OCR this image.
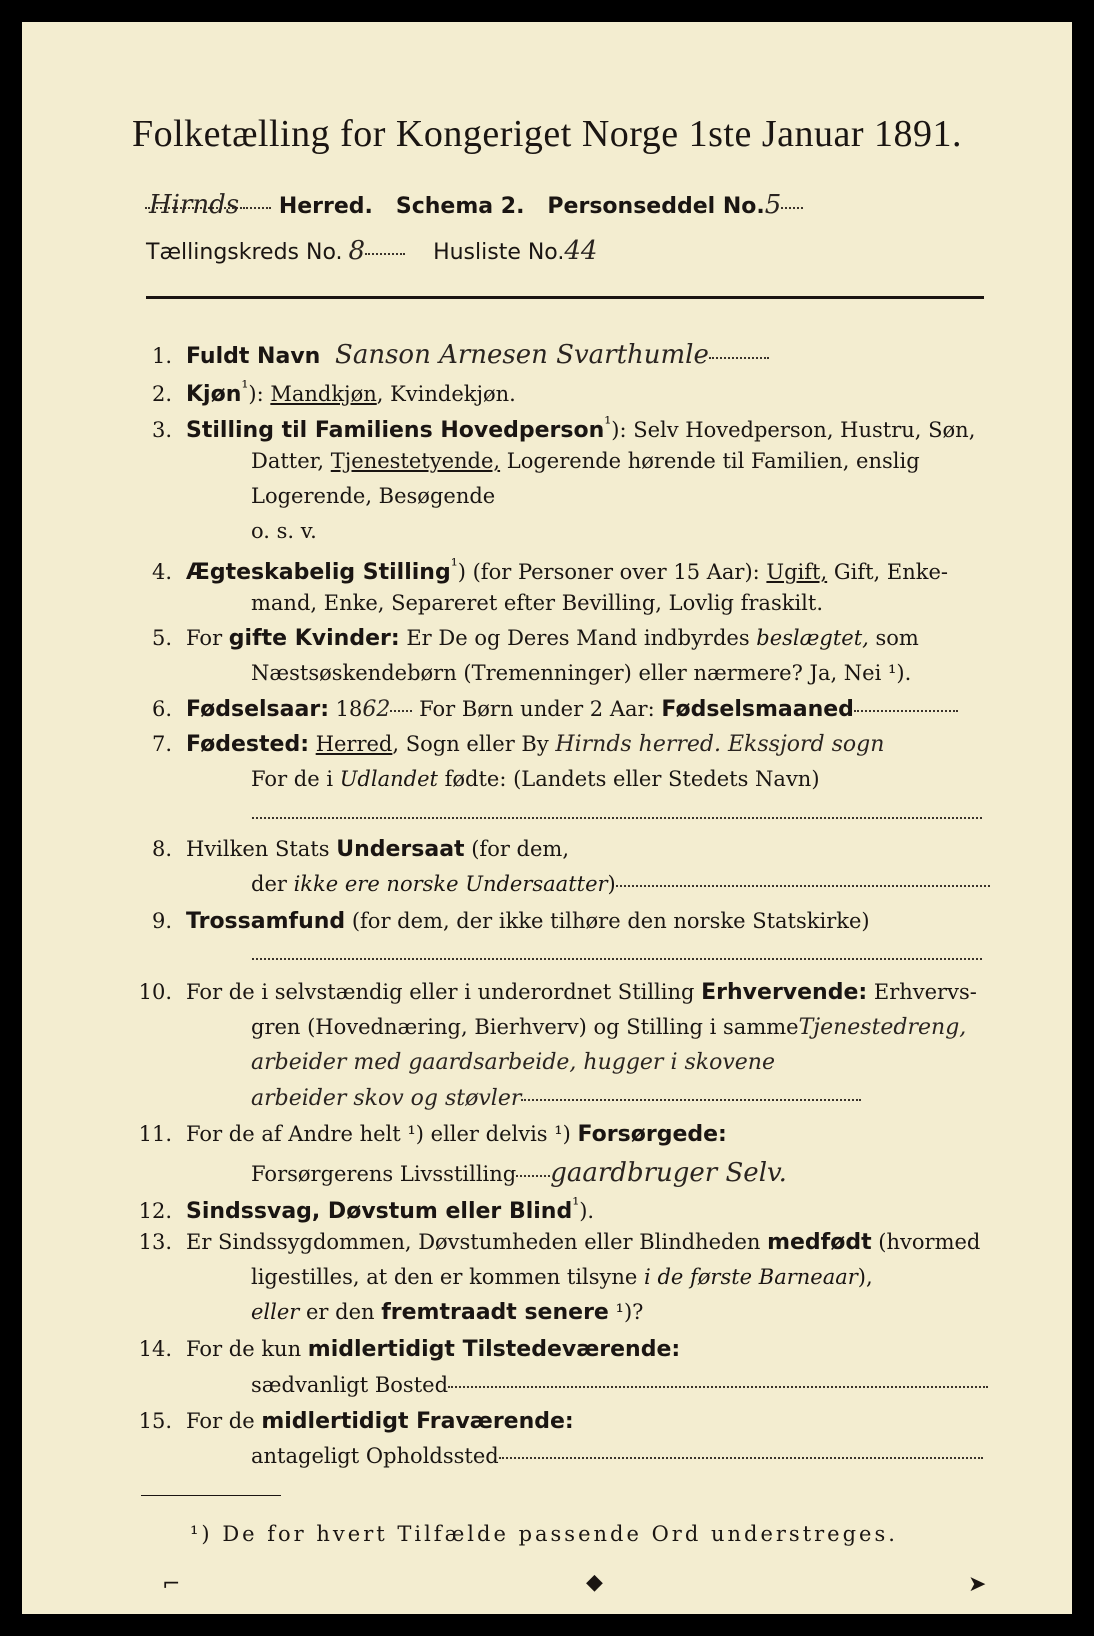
Folketælling for Kongeriget Norge 1ste Januar 1891.
Hirnds Herred. Schema 2. Personseddel No.5
Tællingskreds No. 8	Husliste No.44
1. Fuldt Navn Sanson Arnesen Svarthumle
2. Kjøn$^{^1}$): Mandkjøn, Kvindekjøn.
3. Stilling til Familiens Hovedperson$^{^1}$): Selv Hovedperson, Hustru, Søn,
Datter, Tjenestetyende, Logerende hørende til Familien, enslig
Logerende, Besøgende
o. s. v.
4. Ægteskabelig Stilling$^{^1}$) (for Personer over 15 Aar): Ugift, Gift, Enke-
mand, Enke, Separeret efter Bevilling, Lovlig fraskilt.
5. For gifte Kvinder: Er De og Deres Mand indbyrdes beslægtet, som
Næstsøskendebørn (Tremenninger) eller nærmere? Ja, Nei ¹).
6. Fødselsaar: 1862 For Børn under 2 Aar: Fødselsmaaned
7. Fødested: Herred, Sogn eller By Hirnds herred. Ekssjord sogn
For de i Udlandet fødte: (Landets eller Stedets Navn)
8. Hvilken Stats Undersaat (for dem,
der ikke ere norske Undersaatter)
9. Trossamfund (for dem, der ikke tilhøre den norske Statskirke)
10. For de i selvstændig eller i underordnet Stilling Erhvervende: Erhvervs-
gren (Hovednæring, Bierhverv) og Stilling i sammeTjenestedreng,
arbeider med gaardsarbeide, hugger i skovene
arbeider skov og støvler
11. For de af Andre helt ¹) eller delvis ¹) Forsørgede:
Forsørgerens Livsstilling gaardbruger Selv.
12. Sindssvag, Døvstum eller Blind$^{^1}$).
13. Er Sindssygdommen, Døvstumheden eller Blindheden medfødt (hvormed
ligestilles, at den er kommen tilsyne i de første Barneaar),
eller er den fremtraadt senere ¹)?
14. For de kun midlertidigt Tilstedeværende:
sædvanligt Bosted
15. For de midlertidigt Fraværende:
antageligt Opholdssted
¹) De for hvert Tilfælde passende Ord understreges.
⌐	◆	➤
